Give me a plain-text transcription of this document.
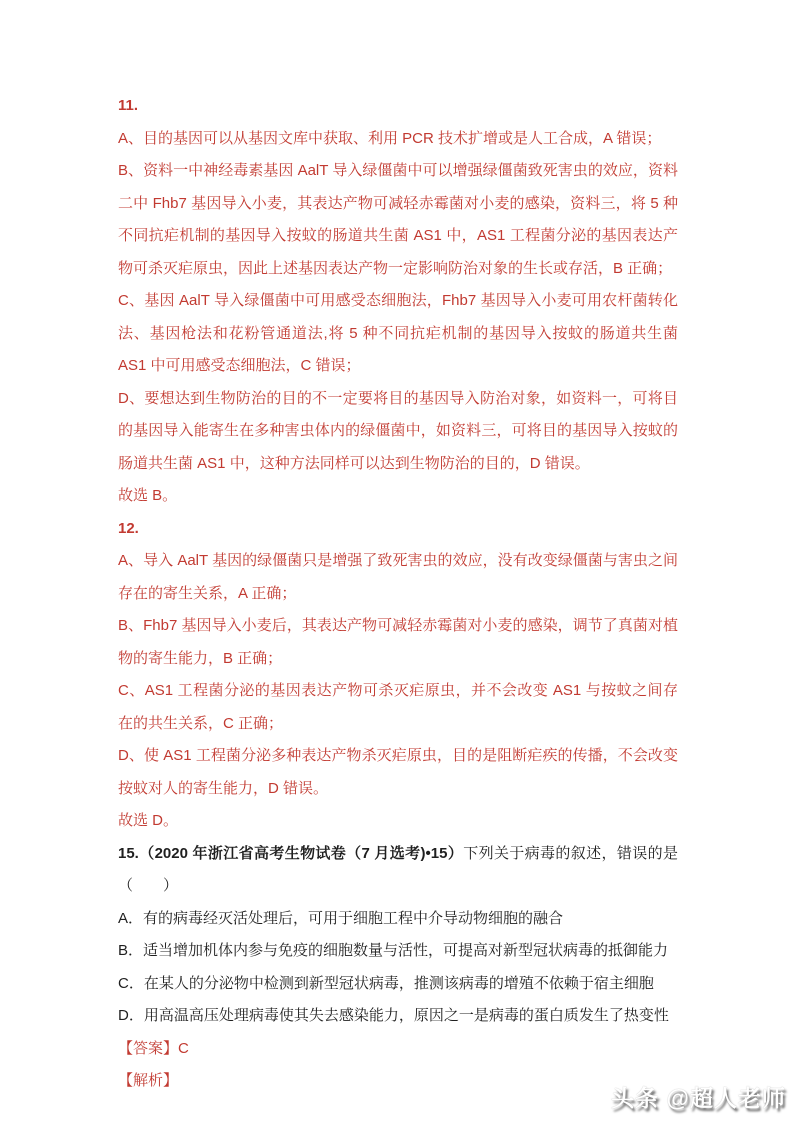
11.

A、目的基因可以从基因文库中获取、利用 PCR 技术扩增或是人工合成，A 错误；

B、资料一中神经毒素基因 AalT 导入绿僵菌中可以增强绿僵菌致死害虫的效应，资料二中 Fhb7 基因导入小麦，其表达产物可减轻赤霉菌对小麦的感染，资料三，将 5 种不同抗疟机制的基因导入按蚊的肠道共生菌 AS1 中，AS1 工程菌分泌的基因表达产物可杀灭疟原虫，因此上述基因表达产物一定影响防治对象的生长或存活，B 正确；

C、基因 AalT 导入绿僵菌中可用感受态细胞法，Fhb7 基因导入小麦可用农杆菌转化法、基因枪法和花粉管通道法,将 5 种不同抗疟机制的基因导入按蚊的肠道共生菌 AS1 中可用感受态细胞法，C 错误；

D、要想达到生物防治的目的不一定要将目的基因导入防治对象，如资料一，可将目的基因导入能寄生在多种害虫体内的绿僵菌中，如资料三，可将目的基因导入按蚊的肠道共生菌 AS1 中，这种方法同样可以达到生物防治的目的，D 错误。

故选 B。

12.

A、导入 AalT 基因的绿僵菌只是增强了致死害虫的效应，没有改变绿僵菌与害虫之间存在的寄生关系，A 正确；

B、Fhb7 基因导入小麦后，其表达产物可减轻赤霉菌对小麦的感染，调节了真菌对植物的寄生能力，B 正确；

C、AS1 工程菌分泌的基因表达产物可杀灭疟原虫，并不会改变 AS1 与按蚊之间存在的共生关系，C 正确；

D、使 AS1 工程菌分泌多种表达产物杀灭疟原虫，目的是阻断疟疾的传播，不会改变按蚊对人的寄生能力，D 错误。

故选 D。

15.（2020 年浙江省高考生物试卷（7 月选考)•15）下列关于病毒的叙述，错误的是（　　）

A．有的病毒经灭活处理后，可用于细胞工程中介导动物细胞的融合

B．适当增加机体内参与免疫的细胞数量与活性，可提高对新型冠状病毒的抵御能力

C．在某人的分泌物中检测到新型冠状病毒，推测该病毒的增殖不依赖于宿主细胞

D．用高温高压处理病毒使其失去感染能力，原因之一是病毒的蛋白质发生了热变性

【答案】C

【解析】

头条 @超人老师
